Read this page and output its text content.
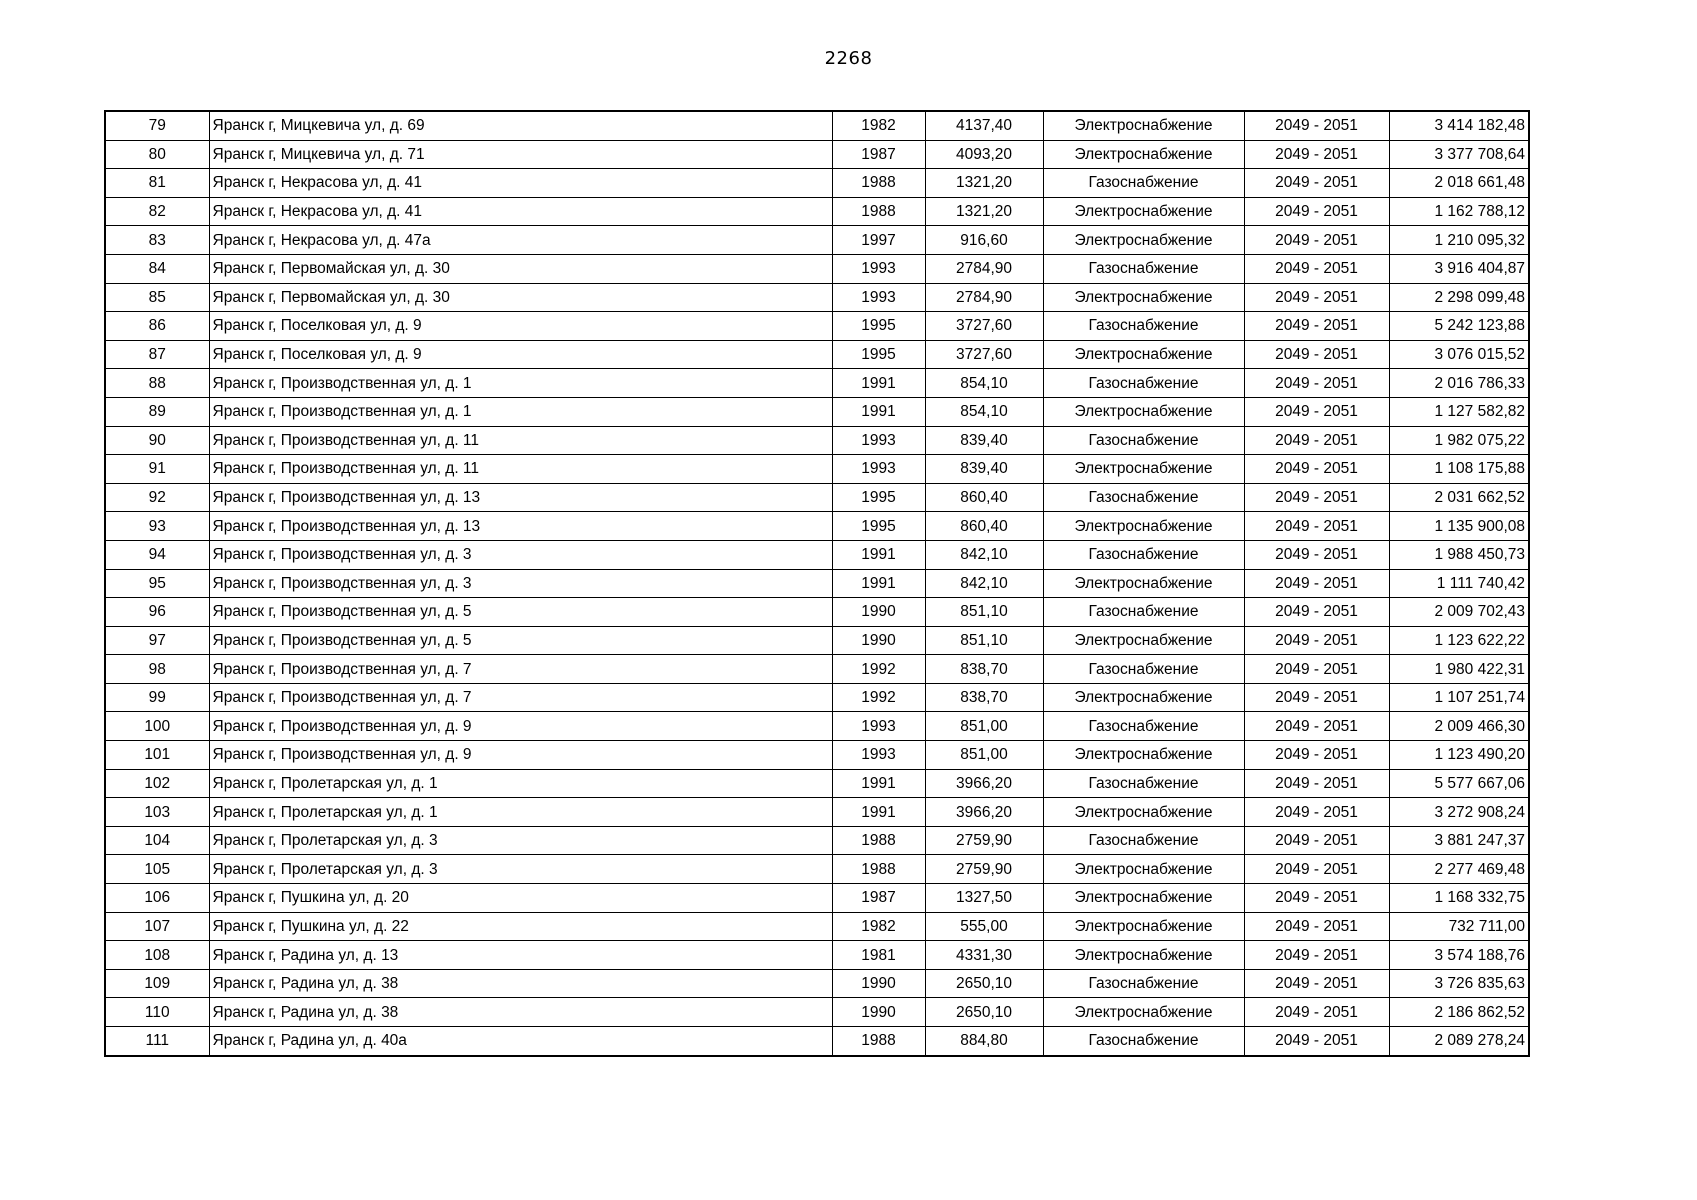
2268
79	Яранск г, Мицкевича ул, д. 69	1982	4137,40	Электроснабжение	2049 - 2051	3 414 182,48
80	Яранск г, Мицкевича ул, д. 71	1987	4093,20	Электроснабжение	2049 - 2051	3 377 708,64
81	Яранск г, Некрасова ул, д. 41	1988	1321,20	Газоснабжение	2049 - 2051	2 018 661,48
82	Яранск г, Некрасова ул, д. 41	1988	1321,20	Электроснабжение	2049 - 2051	1 162 788,12
83	Яранск г, Некрасова ул, д. 47а	1997	916,60	Электроснабжение	2049 - 2051	1 210 095,32
84	Яранск г, Первомайская ул, д. 30	1993	2784,90	Газоснабжение	2049 - 2051	3 916 404,87
85	Яранск г, Первомайская ул, д. 30	1993	2784,90	Электроснабжение	2049 - 2051	2 298 099,48
86	Яранск г, Поселковая ул, д. 9	1995	3727,60	Газоснабжение	2049 - 2051	5 242 123,88
87	Яранск г, Поселковая ул, д. 9	1995	3727,60	Электроснабжение	2049 - 2051	3 076 015,52
88	Яранск г, Производственная ул, д. 1	1991	854,10	Газоснабжение	2049 - 2051	2 016 786,33
89	Яранск г, Производственная ул, д. 1	1991	854,10	Электроснабжение	2049 - 2051	1 127 582,82
90	Яранск г, Производственная ул, д. 11	1993	839,40	Газоснабжение	2049 - 2051	1 982 075,22
91	Яранск г, Производственная ул, д. 11	1993	839,40	Электроснабжение	2049 - 2051	1 108 175,88
92	Яранск г, Производственная ул, д. 13	1995	860,40	Газоснабжение	2049 - 2051	2 031 662,52
93	Яранск г, Производственная ул, д. 13	1995	860,40	Электроснабжение	2049 - 2051	1 135 900,08
94	Яранск г, Производственная ул, д. 3	1991	842,10	Газоснабжение	2049 - 2051	1 988 450,73
95	Яранск г, Производственная ул, д. 3	1991	842,10	Электроснабжение	2049 - 2051	1 111 740,42
96	Яранск г, Производственная ул, д. 5	1990	851,10	Газоснабжение	2049 - 2051	2 009 702,43
97	Яранск г, Производственная ул, д. 5	1990	851,10	Электроснабжение	2049 - 2051	1 123 622,22
98	Яранск г, Производственная ул, д. 7	1992	838,70	Газоснабжение	2049 - 2051	1 980 422,31
99	Яранск г, Производственная ул, д. 7	1992	838,70	Электроснабжение	2049 - 2051	1 107 251,74
100	Яранск г, Производственная ул, д. 9	1993	851,00	Газоснабжение	2049 - 2051	2 009 466,30
101	Яранск г, Производственная ул, д. 9	1993	851,00	Электроснабжение	2049 - 2051	1 123 490,20
102	Яранск г, Пролетарская ул, д. 1	1991	3966,20	Газоснабжение	2049 - 2051	5 577 667,06
103	Яранск г, Пролетарская ул, д. 1	1991	3966,20	Электроснабжение	2049 - 2051	3 272 908,24
104	Яранск г, Пролетарская ул, д. 3	1988	2759,90	Газоснабжение	2049 - 2051	3 881 247,37
105	Яранск г, Пролетарская ул, д. 3	1988	2759,90	Электроснабжение	2049 - 2051	2 277 469,48
106	Яранск г, Пушкина ул, д. 20	1987	1327,50	Электроснабжение	2049 - 2051	1 168 332,75
107	Яранск г, Пушкина ул, д. 22	1982	555,00	Электроснабжение	2049 - 2051	732 711,00
108	Яранск г, Радина ул, д. 13	1981	4331,30	Электроснабжение	2049 - 2051	3 574 188,76
109	Яранск г, Радина ул, д. 38	1990	2650,10	Газоснабжение	2049 - 2051	3 726 835,63
110	Яранск г, Радина ул, д. 38	1990	2650,10	Электроснабжение	2049 - 2051	2 186 862,52
111	Яранск г, Радина ул, д. 40а	1988	884,80	Газоснабжение	2049 - 2051	2 089 278,24
